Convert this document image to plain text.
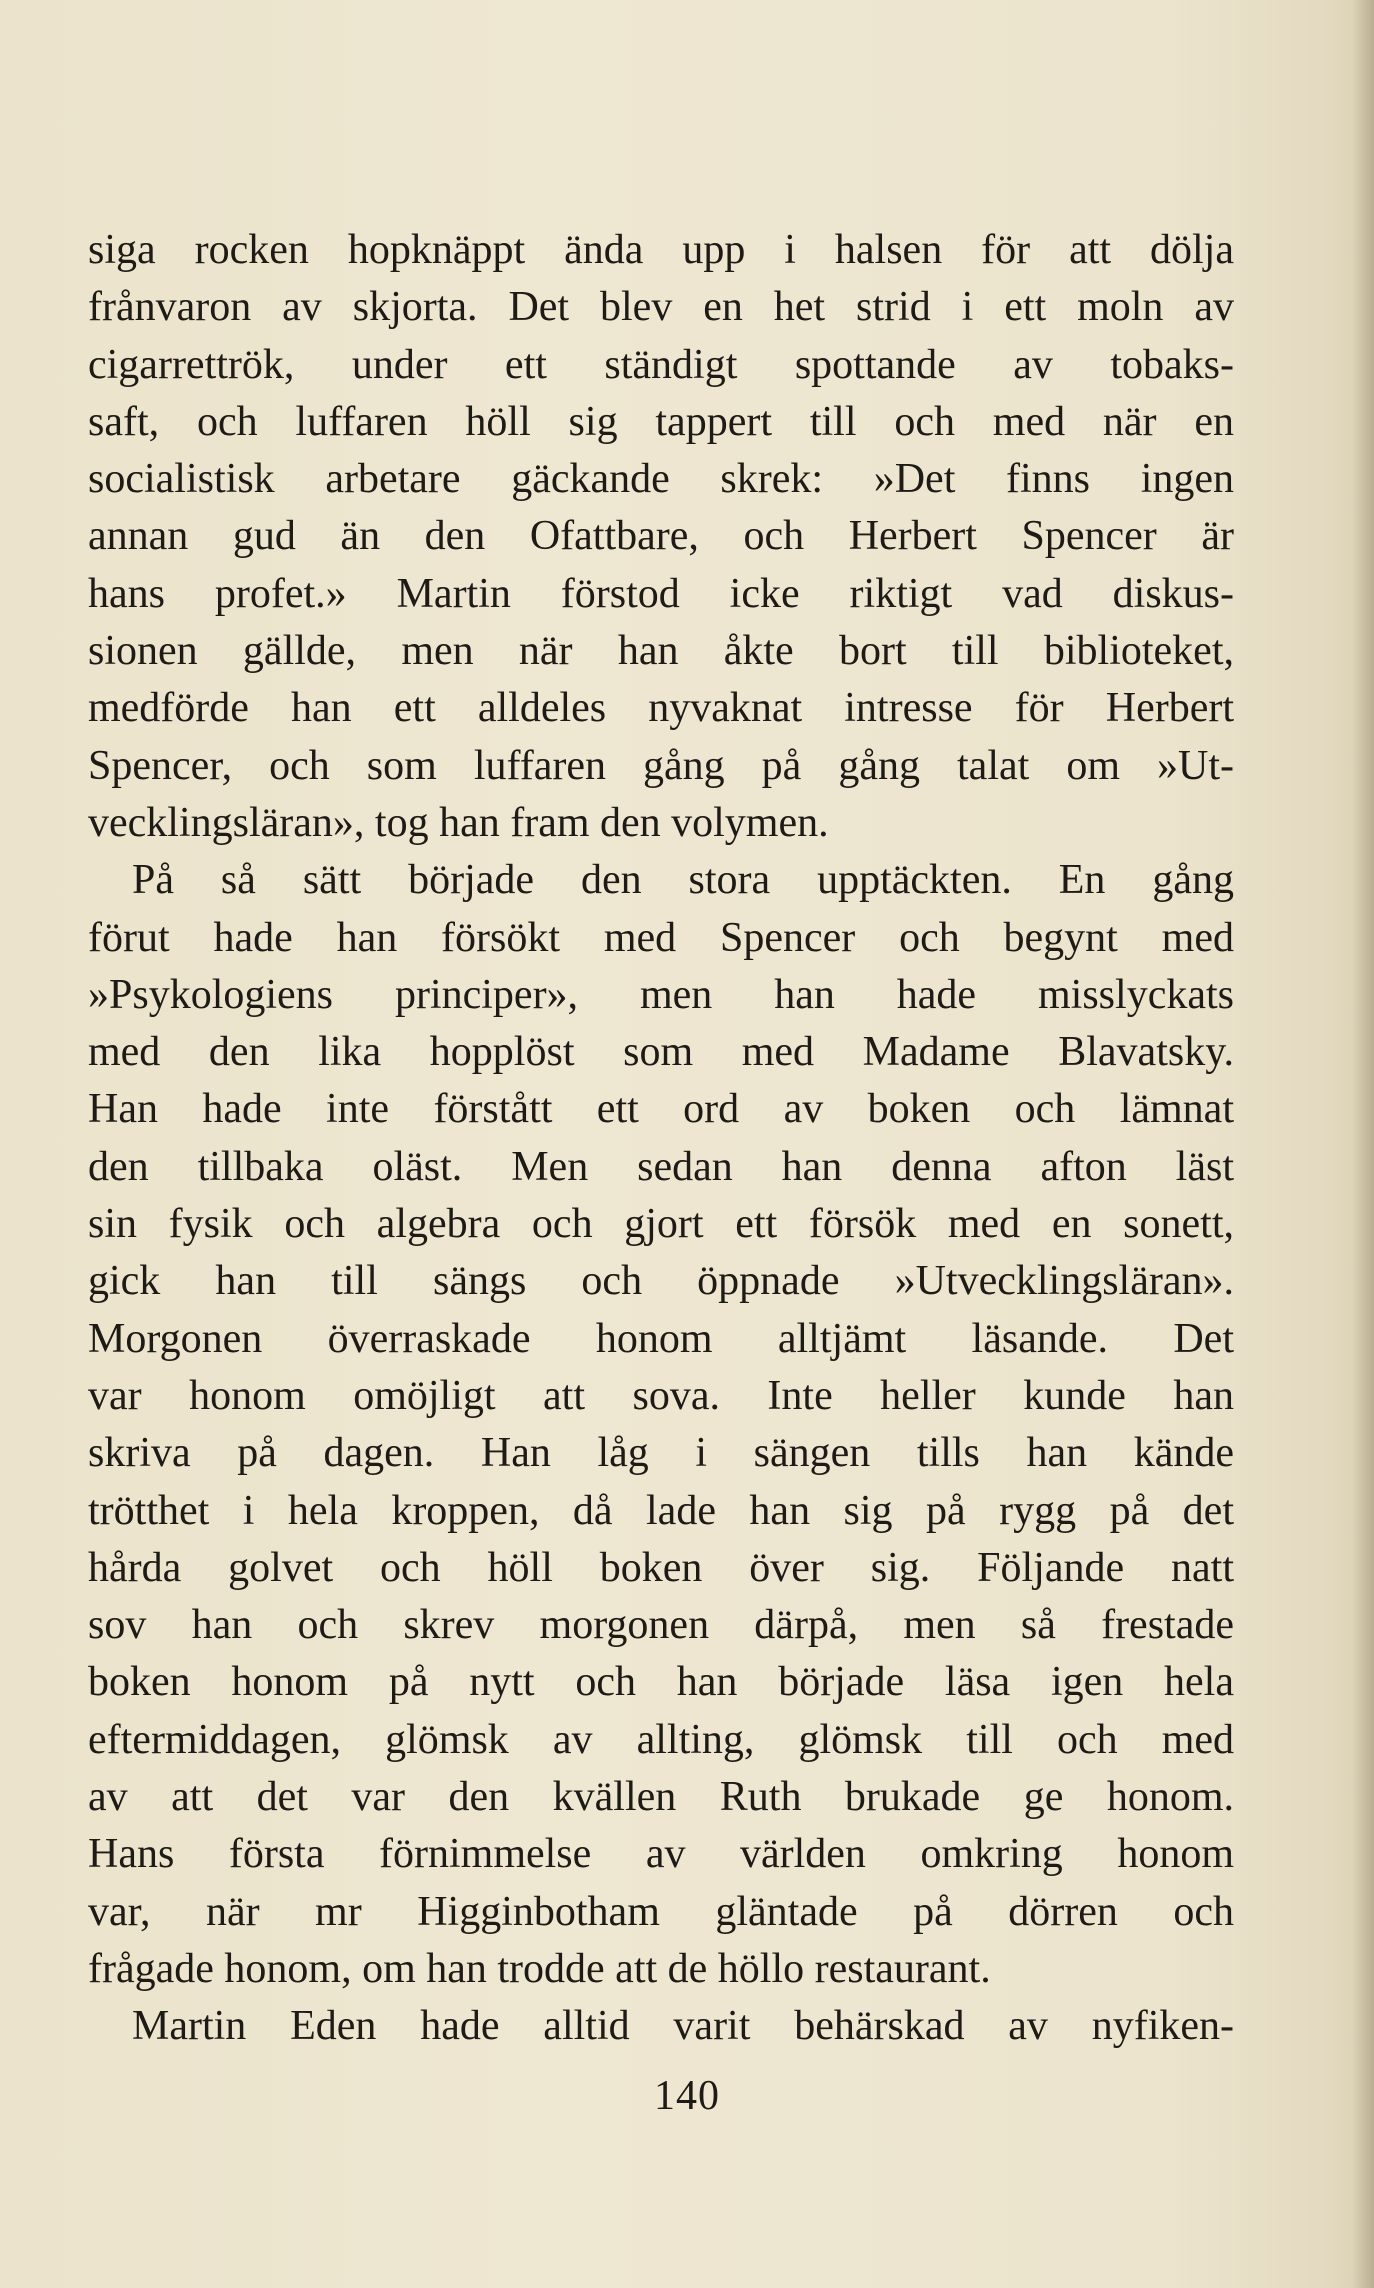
siga rocken hopknäppt ända upp i halsen för att dölja
frånvaron av skjorta. Det blev en het strid i ett moln av
cigarrettrök, under ett ständigt spottande av tobaks-
saft, och luffaren höll sig tappert till och med när en
socialistisk arbetare gäckande skrek: »Det finns ingen
annan gud än den Ofattbare, och Herbert Spencer är
hans profet.» Martin förstod icke riktigt vad diskus-
sionen gällde, men när han åkte bort till biblioteket,
medförde han ett alldeles nyvaknat intresse för Herbert
Spencer, och som luffaren gång på gång talat om »Ut-
vecklingsläran», tog han fram den volymen.
På så sätt började den stora upptäckten. En gång
förut hade han försökt med Spencer och begynt med
»Psykologiens principer», men han hade misslyckats
med den lika hopplöst som med Madame Blavatsky.
Han hade inte förstått ett ord av boken och lämnat
den tillbaka oläst. Men sedan han denna afton läst
sin fysik och algebra och gjort ett försök med en sonett,
gick han till sängs och öppnade »Utvecklingsläran».
Morgonen överraskade honom alltjämt läsande. Det
var honom omöjligt att sova. Inte heller kunde han
skriva på dagen. Han låg i sängen tills han kände
trötthet i hela kroppen, då lade han sig på rygg på det
hårda golvet och höll boken över sig. Följande natt
sov han och skrev morgonen därpå, men så frestade
boken honom på nytt och han började läsa igen hela
eftermiddagen, glömsk av allting, glömsk till och med
av att det var den kvällen Ruth brukade ge honom.
Hans första förnimmelse av världen omkring honom
var, när mr Higginbotham gläntade på dörren och
frågade honom, om han trodde att de höllo restaurant.
Martin Eden hade alltid varit behärskad av nyfiken-
140
